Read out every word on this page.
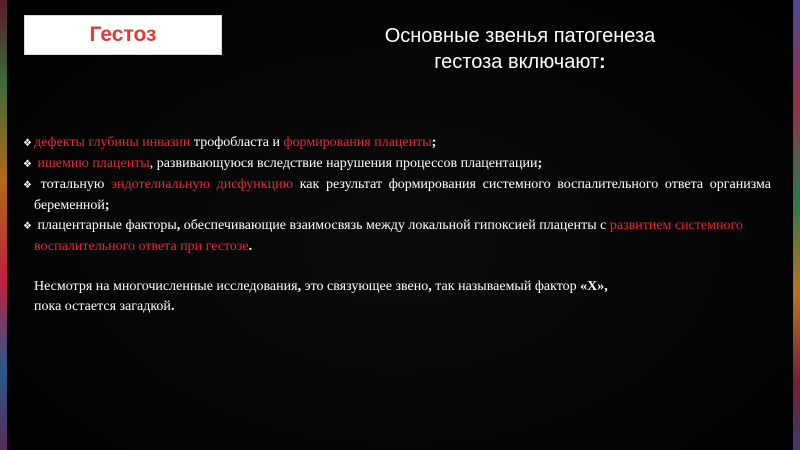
Гестоз	Основные звенья патогенеза
гестоза включают:

❖ дефекты глубины инвазии трофобласта и формирования плаценты;

❖ ишемию плаценты, развивающуюся вследствие нарушения процессов плацентации;

❖ тотальную эндотелиальную дисфункцию как результат формирования системного воспалительного ответа организма беременной;

❖ плацентарные факторы, обеспечивающие взаимосвязь между локальной гипоксией плаценты с развитием системного

воспалительного ответа при гестозе.

Несмотря на многочисленные исследования, это связующее звено, так называемый фактор «Х»,
пока остается загадкой.
